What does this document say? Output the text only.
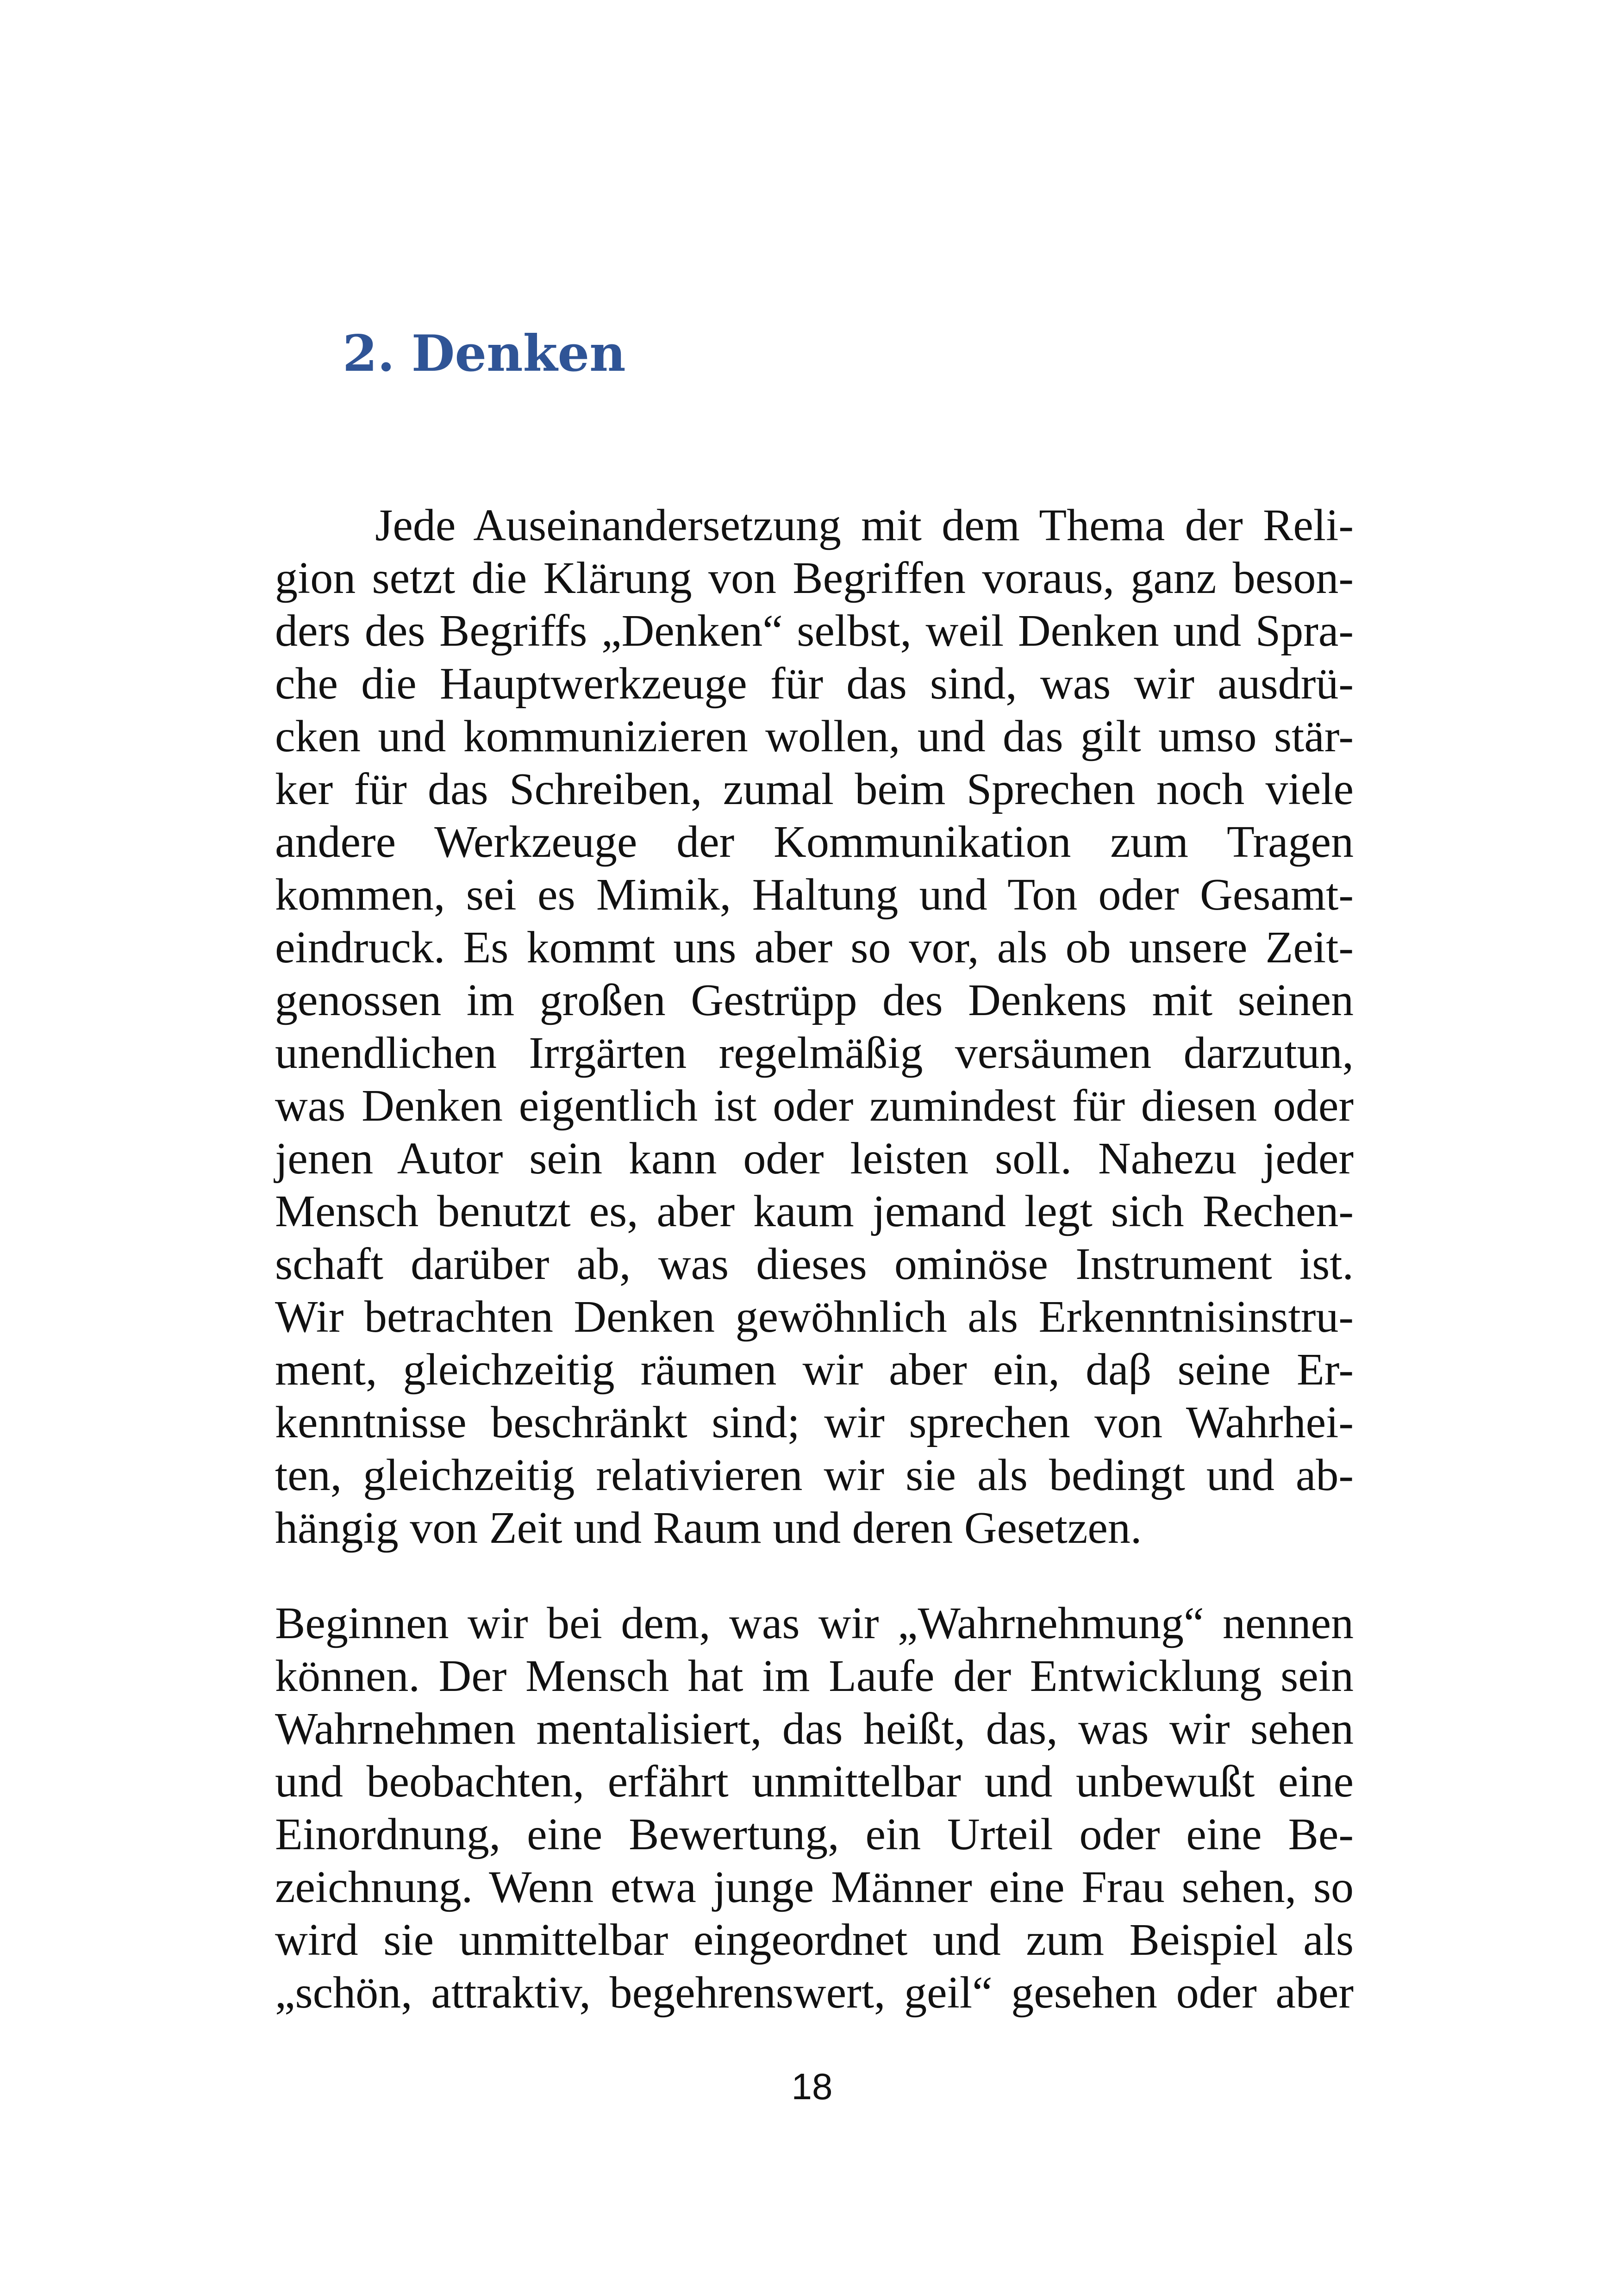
2. Denken
Jede Auseinandersetzung mit dem Thema der Reli-
gion setzt die Klärung von Begriffen voraus, ganz beson-
ders des Begriffs „Denken“ selbst, weil Denken und Spra-
che die Hauptwerkzeuge für das sind, was wir ausdrü-
cken und kommunizieren wollen, und das gilt umso stär-
ker für das Schreiben, zumal beim Sprechen noch viele
andere Werkzeuge der Kommunikation zum Tragen
kommen, sei es Mimik, Haltung und Ton oder Gesamt-
eindruck. Es kommt uns aber so vor, als ob unsere Zeit-
genossen im großen Gestrüpp des Denkens mit seinen
unendlichen Irrgärten regelmäßig versäumen darzutun,
was Denken eigentlich ist oder zumindest für diesen oder
jenen Autor sein kann oder leisten soll. Nahezu jeder
Mensch benutzt es, aber kaum jemand legt sich Rechen-
schaft darüber ab, was dieses ominöse Instrument ist.
Wir betrachten Denken gewöhnlich als Erkenntnisinstru-
ment, gleichzeitig räumen wir aber ein, daβ seine Er-
kenntnisse beschränkt sind; wir sprechen von Wahrhei-
ten, gleichzeitig relativieren wir sie als bedingt und ab-
hängig von Zeit und Raum und deren Gesetzen.
Beginnen wir bei dem, was wir „Wahrnehmung“ nennen
können. Der Mensch hat im Laufe der Entwicklung sein
Wahrnehmen mentalisiert, das heißt, das, was wir sehen
und beobachten, erfährt unmittelbar und unbewußt eine
Einordnung, eine Bewertung, ein Urteil oder eine Be-
zeichnung. Wenn etwa junge Männer eine Frau sehen, so
wird sie unmittelbar eingeordnet und zum Beispiel als
„schön, attraktiv, begehrenswert, geil“ gesehen oder aber
18
